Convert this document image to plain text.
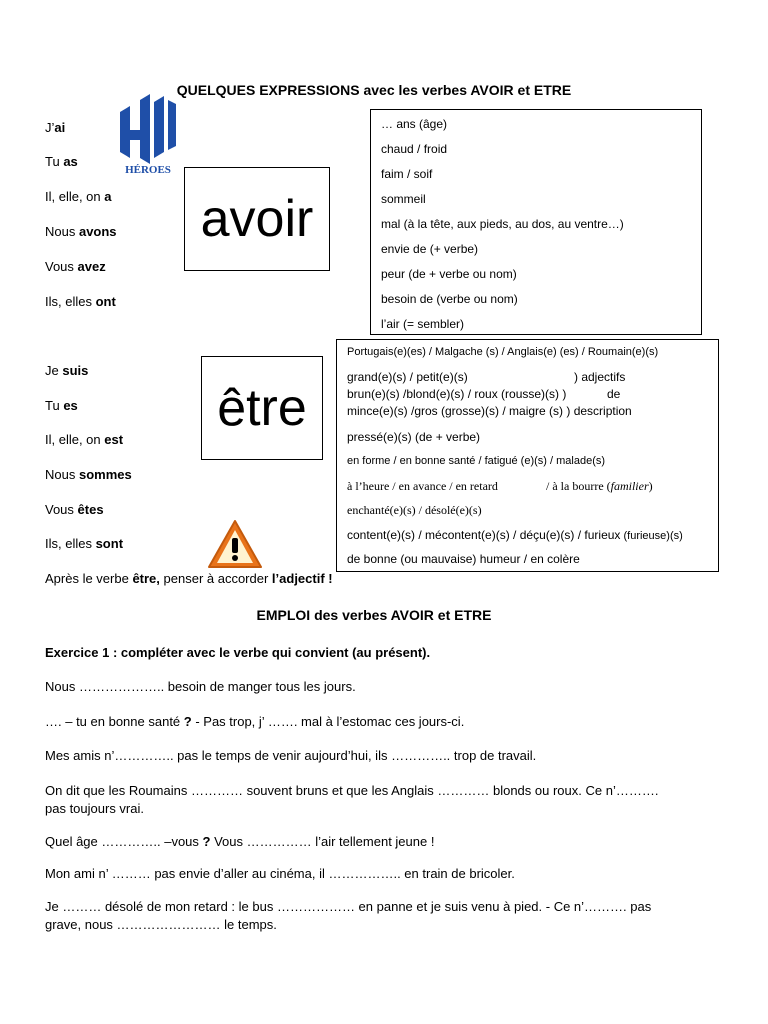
QUELQUES EXPRESSIONS avec les verbes AVOIR et ETRE
HÉROES
J’ai
Tu as
Il, elle, on a
Nous avons
Vous avez
Ils, elles ont
avoir
… ans (âge)
chaud / froid
faim / soif
sommeil
mal (à la tête, aux pieds, au dos, au ventre…)
envie de (+ verbe)
peur (de + verbe ou nom)
besoin de (verbe ou nom)
l’air (= sembler)
Je suis
Tu es
Il, elle, on est
Nous sommes
Vous êtes
Ils, elles sont
être
Portugais(e)(es) / Malgache (s) / Anglais(e) (es) / Roumain(e)(s)
grand(e)(s) / petit(e)(s)	) adjectifs
brun(e)(s) /blond(e)(s) / roux (rousse)(s) )	de
mince(e)(s) /gros (grosse)(s) / maigre (s) ) description
pressé(e)(s) (de + verbe)
en forme / en bonne santé / fatigué (e)(s) / malade(s)
à l’heure / en avance / en retard	/ à la bourre (familier)
enchanté(e)(s) / désolé(e)(s)
content(e)(s) / mécontent(e)(s) / déçu(e)(s) / furieux (furieuse)(s)
de bonne (ou mauvaise) humeur / en colère
Après le verbe être, penser à accorder l’adjectif !
EMPLOI des verbes AVOIR et ETRE
Exercice 1 : compléter avec le verbe qui convient (au présent).
Nous ……………….. besoin de manger tous les jours.
…. – tu en bonne santé ? - Pas trop, j’ ……. mal à l’estomac ces jours-ci.
Mes amis n’………….. pas le temps de venir aujourd’hui, ils ………….. trop de travail.
On dit que les Roumains ………… souvent bruns et que les Anglais ………… blonds ou roux. Ce n’……….
pas toujours vrai.
Quel âge ………….. –vous ? Vous …………… l’air tellement jeune !
Mon ami n’ ……… pas envie d’aller au cinéma, il …………….. en train de bricoler.
Je ……… désolé de mon retard : le bus ……………… en panne et je suis venu à pied. - Ce n’………. pas
grave, nous …………………… le temps.
